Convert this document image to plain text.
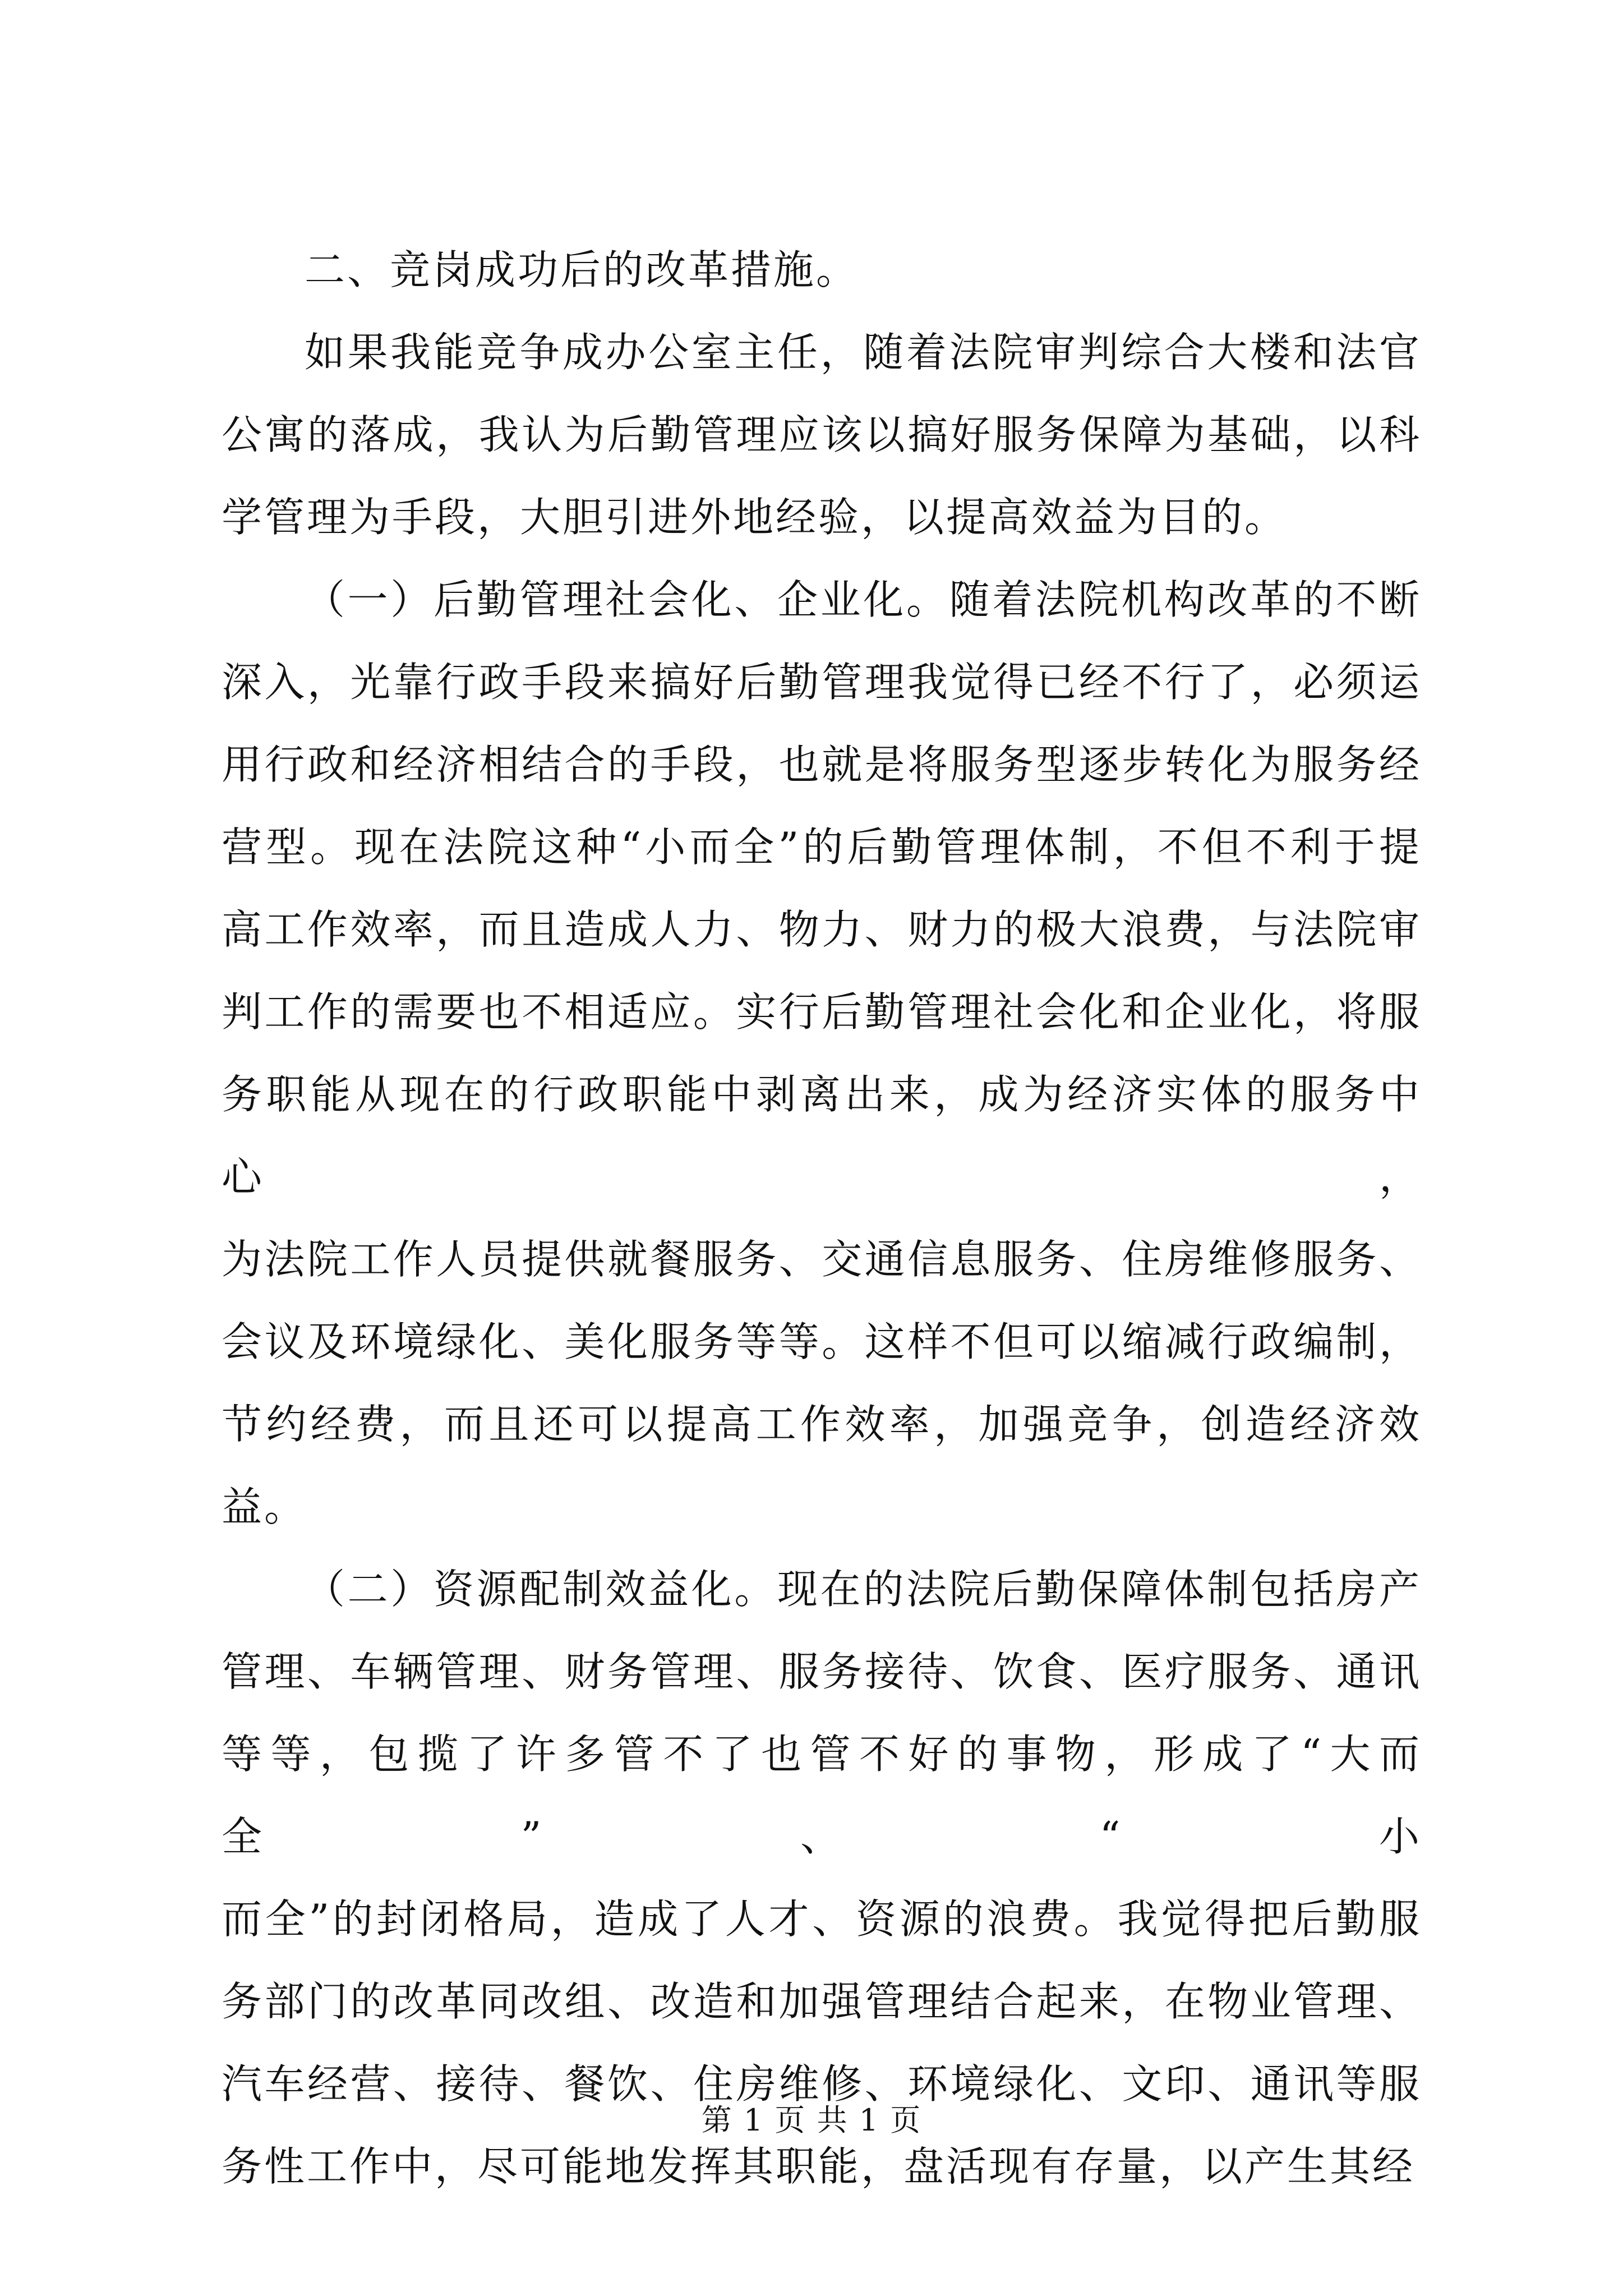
二、竞岗成功后的改革措施。

如果我能竞争成办公室主任，随着法院审判综合大楼和法官
公寓的落成，我认为后勤管理应该以搞好服务保障为基础，以科
学管理为手段，大胆引进外地经验，以提高效益为目的。

（一）后勤管理社会化、企业化。随着法院机构改革的不断
深入，光靠行政手段来搞好后勤管理我觉得已经不行了，必须运
用行政和经济相结合的手段，也就是将服务型逐步转化为服务经
营型。现在法院这种“小而全”的后勤管理体制，不但不利于提
高工作效率，而且造成人力、物力、财力的极大浪费，与法院审
判工作的需要也不相适应。实行后勤管理社会化和企业化，将服
务职能从现在的行政职能中剥离出来，成为经济实体的服务中心，
为法院工作人员提供就餐服务、交通信息服务、住房维修服务、
会议及环境绿化、美化服务等等。这样不但可以缩减行政编制，
节约经费，而且还可以提高工作效率，加强竞争，创造经济效益。

（二）资源配制效益化。现在的法院后勤保障体制包括房产
管理、车辆管理、财务管理、服务接待、饮食、医疗服务、通讯
等等，包揽了许多管不了也管不好的事物，形成了“大而全”、“小
而全”的封闭格局，造成了人才、资源的浪费。我觉得把后勤服
务部门的改革同改组、改造和加强管理结合起来，在物业管理、
汽车经营、接待、餐饮、住房维修、环境绿化、文印、通讯等服
务性工作中，尽可能地发挥其职能，盘活现有存量，以产生其经

第 1 页 共 1 页
